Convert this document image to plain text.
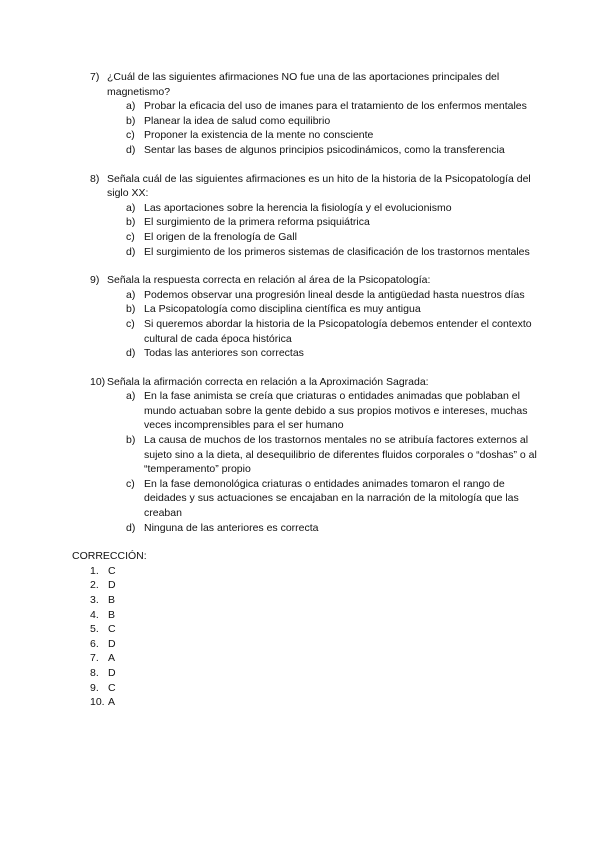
7) ¿Cuál de las siguientes afirmaciones NO fue una de las aportaciones principales del magnetismo?
a) Probar la eficacia del uso de imanes para el tratamiento de los enfermos mentales
b) Planear la idea de salud como equilibrio
c) Proponer la existencia de la mente no consciente
d) Sentar las bases de algunos principios psicodinámicos, como la transferencia
8) Señala cuál de las siguientes afirmaciones es un hito de la historia de la Psicopatología del siglo XX:
a) Las aportaciones sobre la herencia la fisiología y el evolucionismo
b) El surgimiento de la primera reforma psiquiátrica
c) El origen de la frenología de Gall
d) El surgimiento de los primeros sistemas de clasificación de los trastornos mentales
9) Señala la respuesta correcta en relación al área de la Psicopatología:
a) Podemos observar una progresión lineal desde la antigüedad hasta nuestros días
b) La Psicopatología como disciplina científica es muy antigua
c) Si queremos abordar la historia de la Psicopatología debemos entender el contexto cultural de cada época histórica
d) Todas las anteriores son correctas
10) Señala la afirmación correcta en relación a la Aproximación Sagrada:
a) En la fase animista se creía que criaturas o entidades animadas que poblaban el mundo actuaban sobre la gente debido a sus propios motivos e intereses, muchas veces incomprensibles para el ser humano
b) La causa de muchos de los trastornos mentales no se atribuía factores externos al sujeto sino a la dieta, al desequilibrio de diferentes fluidos corporales o “doshas” o al “temperamento” propio
c) En la fase demonológica criaturas o entidades animades tomaron el rango de deidades y sus actuaciones se encajaban en la narración de la mitología que las creaban
d) Ninguna de las anteriores es correcta
CORRECCIÓN:
1. C
2. D
3. B
4. B
5. C
6. D
7. A
8. D
9. C
10. A
